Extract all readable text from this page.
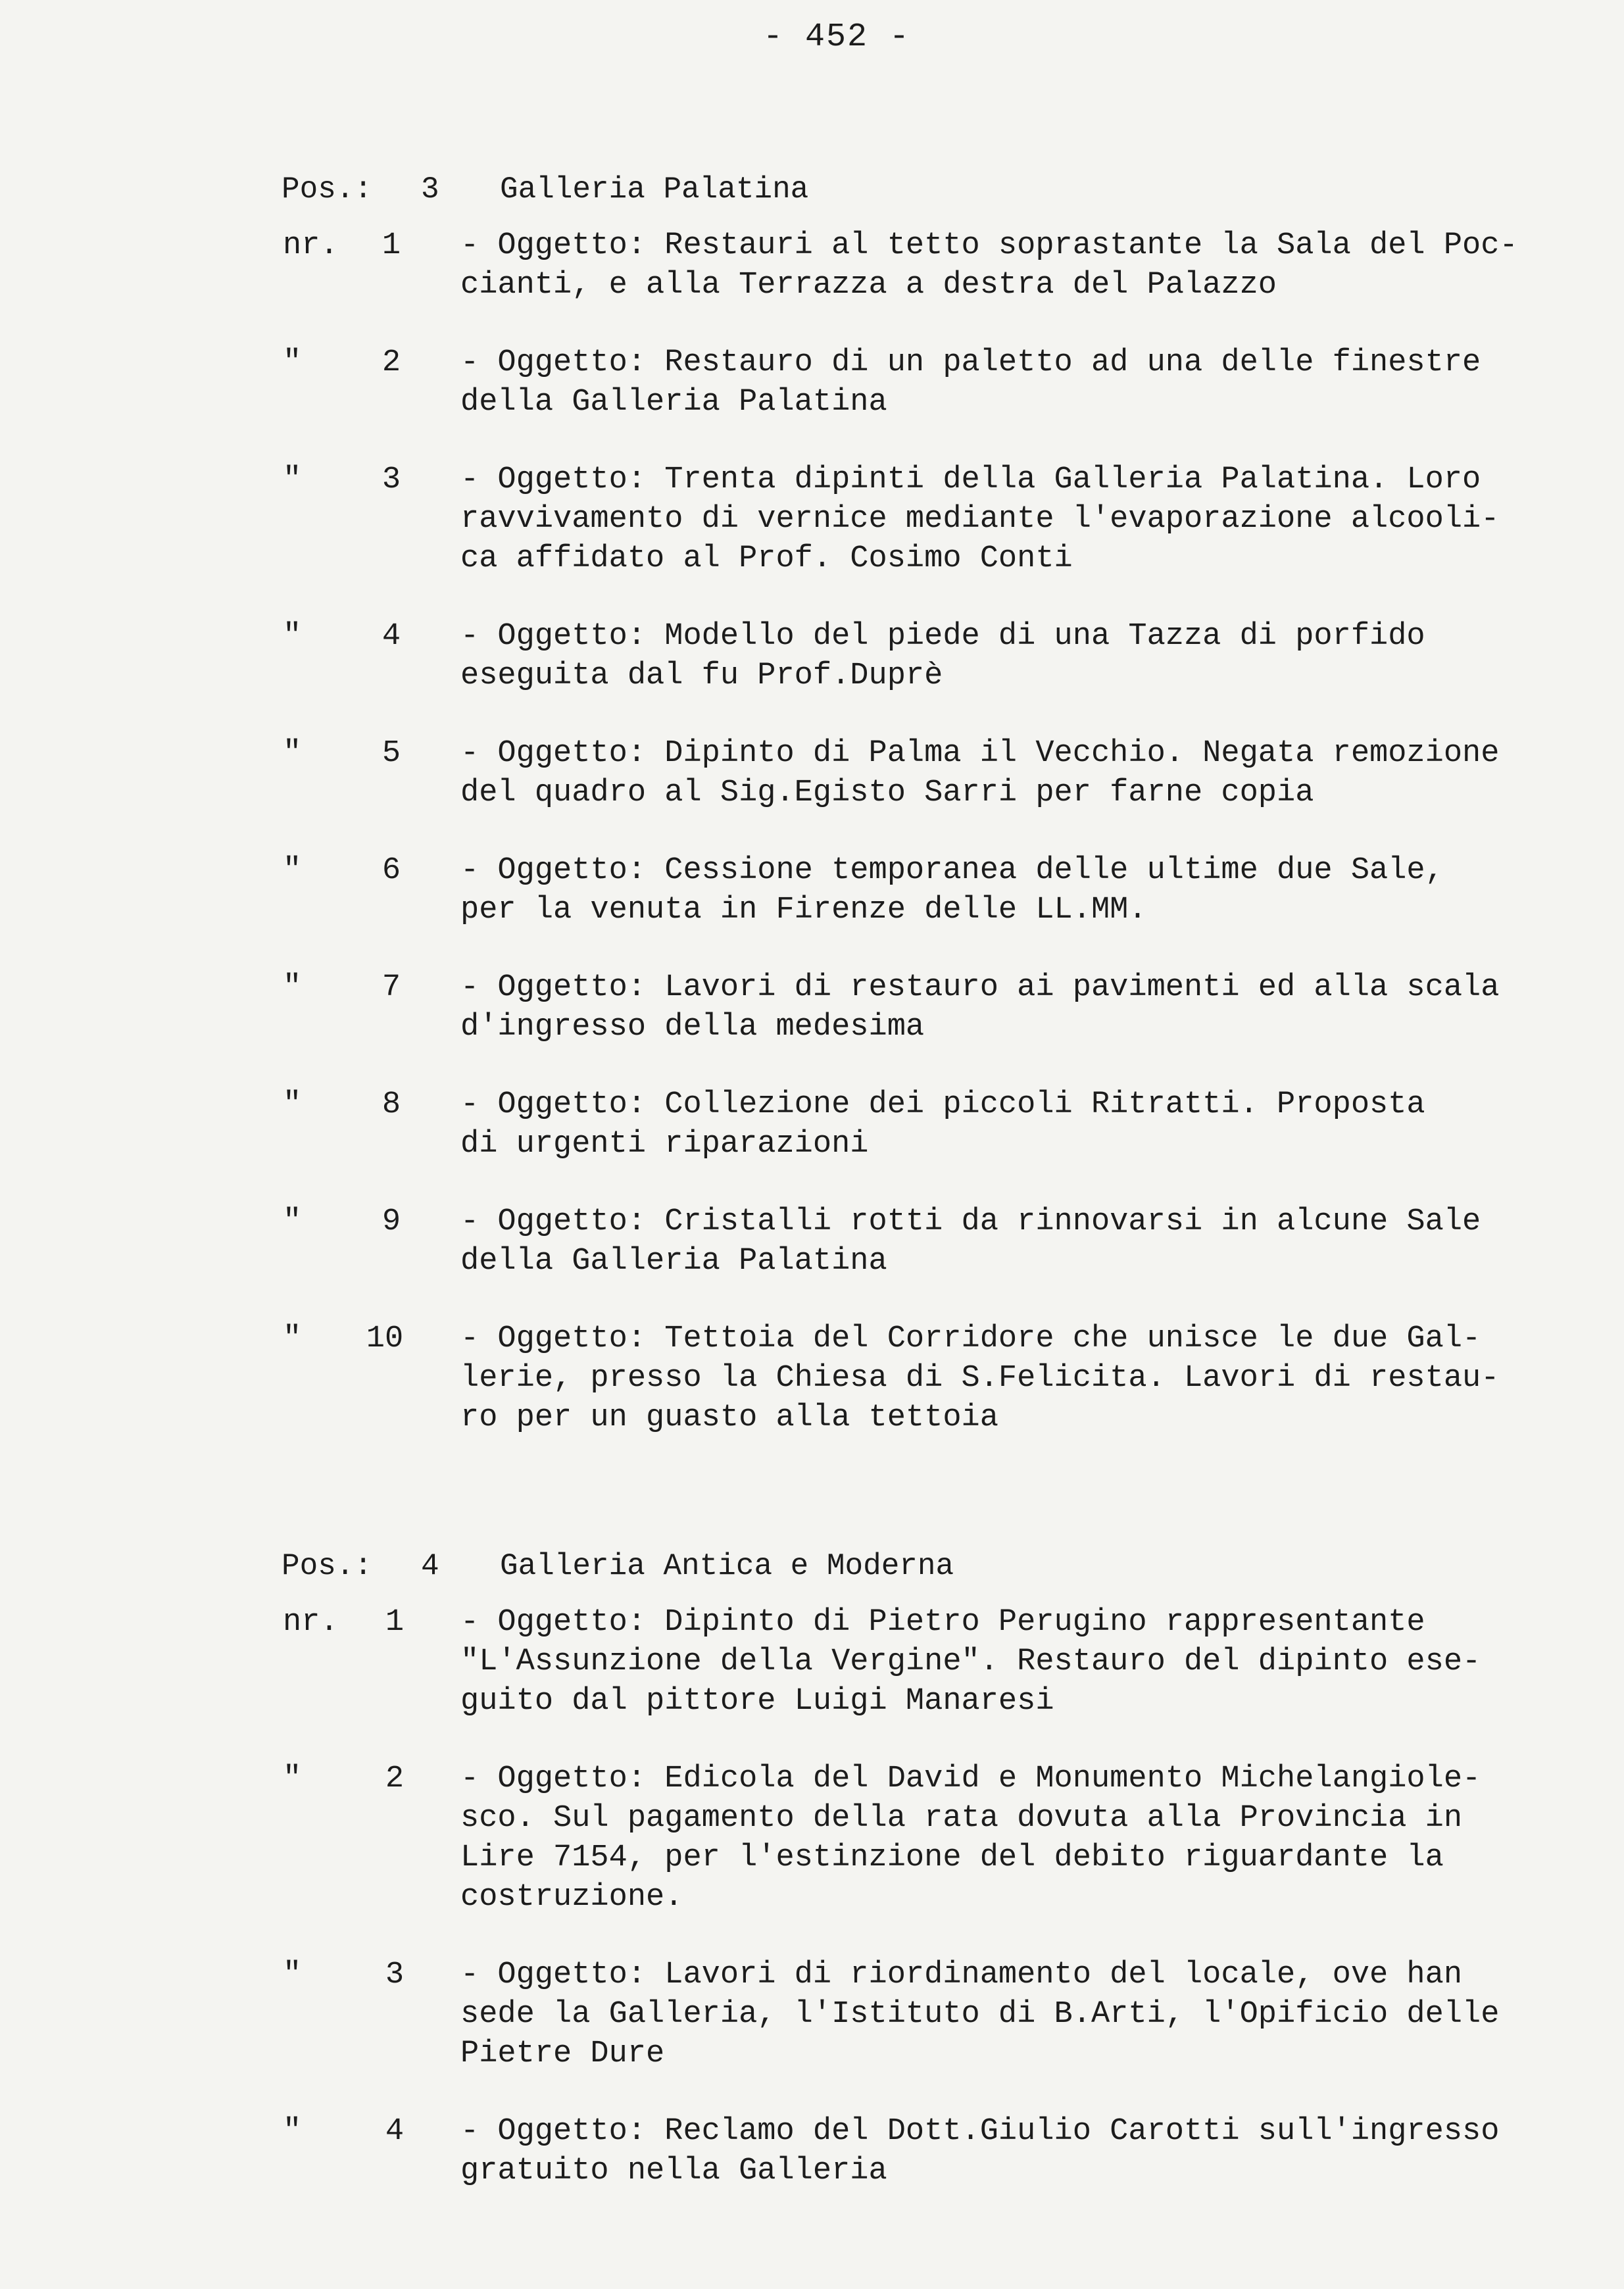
- 452 -
Pos.: 3 Galleria Palatina
nr.	1	- Oggetto: Restauri al tetto soprastante la Sala del Poc-
cianti, e alla Terrazza a destra del Palazzo
"	2	- Oggetto: Restauro di un paletto ad una delle finestre
della Galleria Palatina
"	3	- Oggetto: Trenta dipinti della Galleria Palatina. Loro
ravvivamento di vernice mediante l'evaporazione alcooli-
ca affidato al Prof. Cosimo Conti
"	4	- Oggetto: Modello del piede di una Tazza di porfido
eseguita dal fu Prof.Duprè
"	5	- Oggetto: Dipinto di Palma il Vecchio. Negata remozione
del quadro al Sig.Egisto Sarri per farne copia
"	6	- Oggetto: Cessione temporanea delle ultime due Sale,
per la venuta in Firenze delle LL.MM.
"	7	- Oggetto: Lavori di restauro ai pavimenti ed alla scala
d'ingresso della medesima
"	8	- Oggetto: Collezione dei piccoli Ritratti. Proposta
di urgenti riparazioni
"	9	- Oggetto: Cristalli rotti da rinnovarsi in alcune Sale
della Galleria Palatina
" 10 - Oggetto: Tettoia del Corridore che unisce le due Gal-
lerie, presso la Chiesa di S.Felicita. Lavori di restau-
ro per un guasto alla tettoia
Pos.: 4 Galleria Antica e Moderna
nr.	1	- Oggetto: Dipinto di Pietro Perugino rappresentante
"L'Assunzione della Vergine". Restauro del dipinto ese-
guito dal pittore Luigi Manaresi
"	2	- Oggetto: Edicola del David e Monumento Michelangiole-
sco. Sul pagamento della rata dovuta alla Provincia in
Lire 7154, per l'estinzione del debito riguardante la
costruzione.
"	3	- Oggetto: Lavori di riordinamento del locale, ove han
sede la Galleria, l'Istituto di B.Arti, l'Opificio delle
Pietre Dure
"	4	- Oggetto: Reclamo del Dott.Giulio Carotti sull'ingresso
gratuito nella Galleria
